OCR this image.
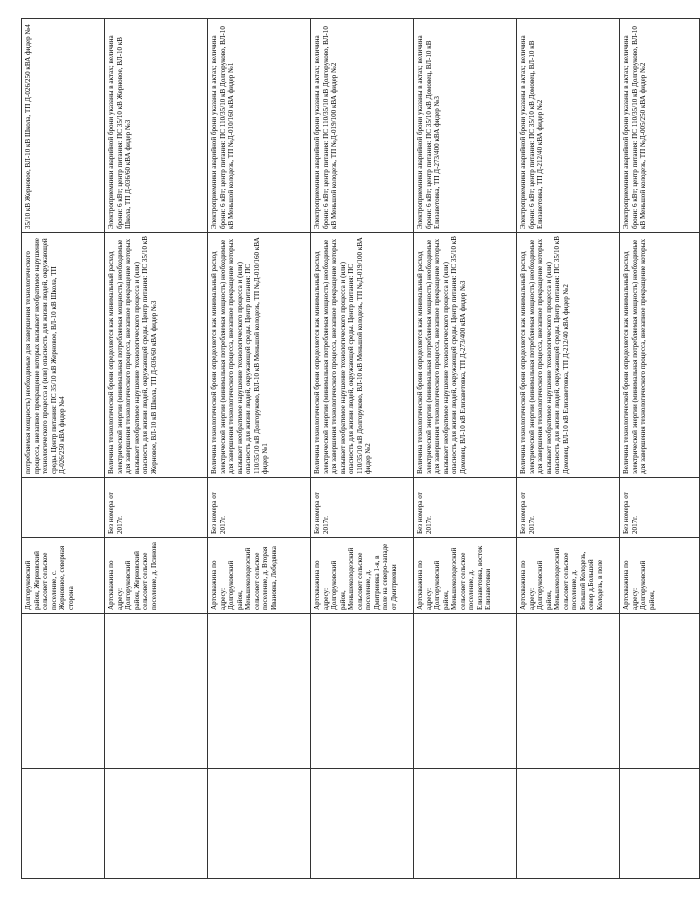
		Долгоруковский район, Жерновский сельсовет сельское поселение, с. Жерновное, северная сторона		потребляемая мощность) необходимые для завершения технологического процесса, внезапное прекращение которых вызывает необратимое нарушение технологического процесса и (или) опасность для жизни людей, окружающей среды. Центр питания: ПС 35/10 кВ Жерновое, ВЛ-10 кВ Школа, ТП Д-026/250 кВА фидер №4	35/10 кВ Жерновое, ВЛ-10 кВ Школа, ТП Д-026/250 кВА фидер №4
		Артскважина по адресу: Долгоруковский район, Жерновский сельсовет сельское поселение, д. Псинова	Без номера от 2017г.	Величина технологической брони определяется как минимальный расход электрической энергии (минимальная потребляемая мощность) необходимые для завершения технологического процесса, внезапное прекращение которых вызывает необратимое нарушение технологического процесса и (или) опасность для жизни людей, окружающей среды. Центр питания: ПС 35/10 кВ Жерновое, ВЛ-10 кВ Школа, ТП Д-036/60 кВА фидер №3	Электроприемники аварийной брони указаны в актах; величина брони: 6 кВт; центр питания: ПС 35/10 кВ Жерновое, ВЛ-10 кВ Школа, ТП Д-036/60 кВА фидер №3
		Артскважина по адресу: Долгоруковский район, Меньшеколодезский сельсовет сельское поселение, д. Вторая Ивановка, Лебедянка	Без номера от 2017г.	Величина технологической брони определяется как минимальный расход электрической энергии (минимальная потребляемая мощность) необходимые для завершения технологического процесса, внезапное прекращение которых вызывает необратимое нарушение технологического процесса и (или) опасность для жизни людей, окружающей среды. Центр питания: ПС 110/35/10 кВ Долгоруково, ВЛ-10 кВ Меньшой колодезь, ТП №Д-010/160 кВА фидер №1	Электроприемники аварийной брони указаны в актах; величина брони: 6 кВт; центр питания: ПС 110/35/10 кВ Долгоруково, ВЛ-10 кВ Меньшой колодезь, ТП №Д-010/160 кВА фидер №1
		Артскважина по адресу: Долгоруковский район, Меньшеколодезский сельсовет сельское поселение, д. Дмитриевка 1-я, в поле на северо-западе от Дмитриевки	Без номера от 2017г.	Величина технологической брони определяется как минимальный расход электрической энергии (минимальная потребляемая мощность) необходимые для завершения технологического процесса, внезапное прекращение которых вызывает необратимое нарушение технологического процесса и (или) опасность для жизни людей, окружающей среды. Центр питания: ПС 110/35/10 кВ Долгоруково, ВЛ-10 кВ Меньшой колодезь, ТП №Д-019/100 кВА фидер №2	Электроприемники аварийной брони указаны в актах; величина брони: 6 кВт; центр питания: ПС 110/35/10 кВ Долгоруково, ВЛ-10 кВ Меньшой колодезь, ТП №Д-019/100 кВА фидер №2
		Артскважина по адресу: Долгоруковский район, Меньшеколодезский сельсовет сельское поселение, д. Елизаветовка, восток Елизаветовки	Без номера от 2017г.	Величина технологической брони определяется как минимальный расход электрической энергии (минимальная потребляемая мощность) необходимые для завершения технологического процесса, внезапное прекращение которых вызывает необратимое нарушение технологического процесса и (или) опасность для жизни людей, окружающей среды. Центр питания: ПС 35/10 кВ Домовец, ВЛ-10 кВ Елизаветовка, ТП Д-273/400 кВА фидер №3	Электроприемники аварийной брони указаны в актах; величина брони: 6 кВт; центр питания: ПС 35/10 кВ Домовец, ВЛ-10 кВ Елизаветовка, ТП Д-273/400 кВА фидер №3
		Артскважина по адресу: Долгоруковский район, Меньшеколодезский сельсовет сельское поселение, д. Большой Колодезь, север д.Большой Колодезь, в поле	Без номера от 2017г.	Величина технологической брони определяется как минимальный расход электрической энергии (минимальная потребляемая мощность) необходимые для завершения технологического процесса, внезапное прекращение которых вызывает необратимое нарушение технологического процесса и (или) опасность для жизни людей, окружающей среды. Центр питания: ПС 35/10 кВ Домовец, ВЛ-10 кВ Елизаветовка, ТП Д-212/40 кВА фидер №2	Электроприемники аварийной брони указаны в актах; величина брони: 6 кВт; центр питания: ПС 35/10 кВ Домовец, ВЛ-10 кВ Елизаветовка, ТП Д-212/40 кВА фидер №2
		Артскважина по адресу: Долгоруковский район,	Без номера от 2017г.	Величина технологической брони определяется как минимальный расход электрической энергии (минимальная потребляемая мощность) необходимые для завершения технологического процесса, внезапное прекращение которых	Электроприемники аварийной брони указаны в актах; величина брони: 6 кВт; центр питания: ПС 110/35/10 кВ Долгоруково, ВЛ-10 кВ Меньшой колодезь, ТП №Д-005/250 кВА фидер №2
